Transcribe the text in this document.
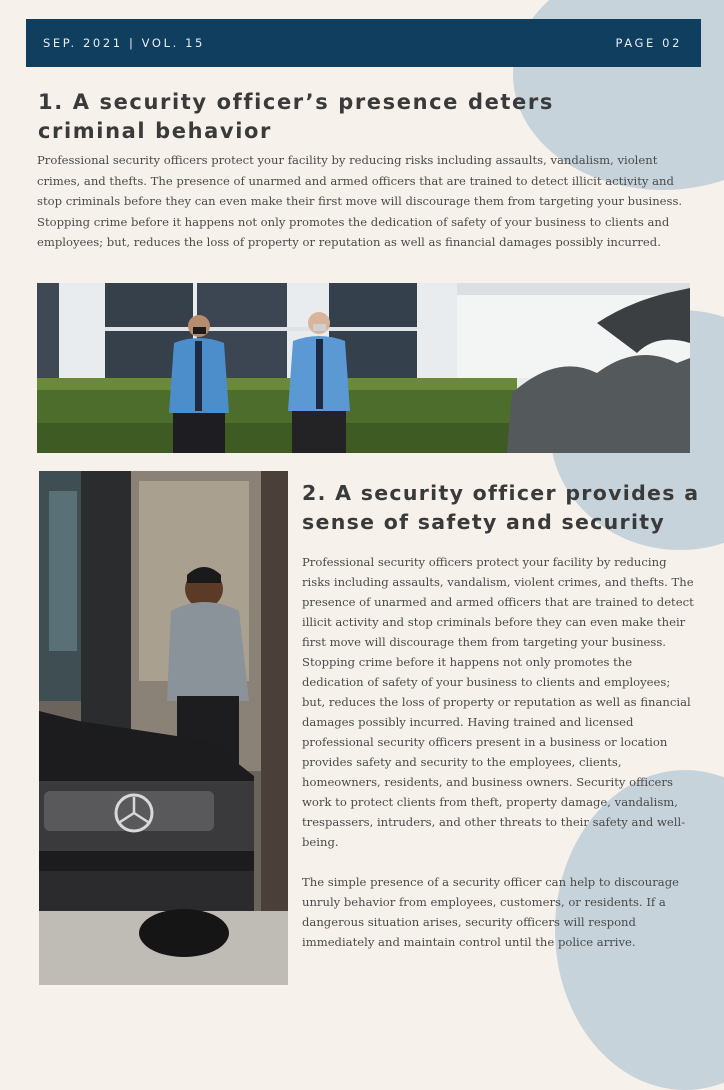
SEP. 2021 | VOL. 15	PAGE 02
1. A security officer’s presence deters criminal behavior

Professional security officers protect your facility by reducing risks including assaults, vandalism, violent crimes, and thefts. The presence of unarmed and armed officers that are trained to detect illicit activity and stop criminals before they can even make their first move will discourage them from targeting your business. Stopping crime before it happens not only promotes the dedication of safety of your business to clients and employees; but, reduces the loss of property or reputation as well as financial damages possibly incurred.

2. A security officer provides a sense of safety and security

Professional security officers protect your facility by reducing risks including assaults, vandalism, violent crimes, and thefts. The presence of unarmed and armed officers that are trained to detect illicit activity and stop criminals before they can even make their first move will discourage them from targeting your business. Stopping crime before it happens not only promotes the dedication of safety of your business to clients and employees; but, reduces the loss of property or reputation as well as financial damages possibly incurred. Having trained and licensed professional security officers present in a business or location provides safety and security to the employees, clients, homeowners, residents, and business owners. Security officers work to protect clients from theft, property damage, vandalism, trespassers, intruders, and other threats to their safety and well-being.

The simple presence of a security officer can help to discourage unruly behavior from employees, customers, or residents. If a dangerous situation arises, security officers will respond immediately and maintain control until the police arrive.
